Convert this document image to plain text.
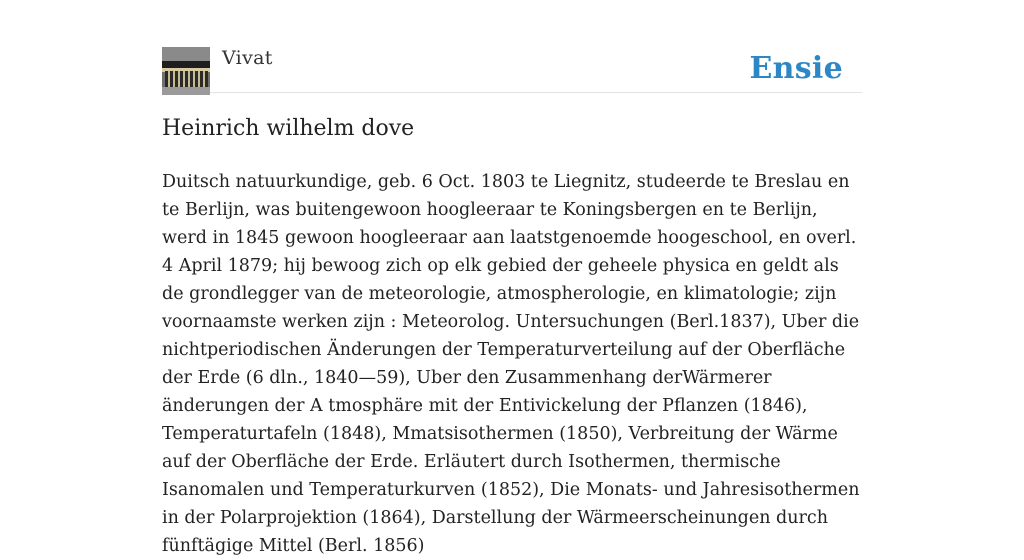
Vivat	Ensie
Heinrich wilhelm dove

Duitsch natuurkundige, geb. 6 Oct. 1803 te Liegnitz, studeerde te Breslau en te Berlijn, was buitengewoon hoogleeraar te Koningsbergen en te Berlijn, werd in 1845 gewoon hoogleeraar aan laatstgenoemde hoogeschool, en overl. 4 April 1879; hij bewoog zich op elk gebied der geheele physica en geldt als de grondlegger van de meteorologie, atmospherologie, en klimatologie; zijn voornaamste werken zijn : Meteorolog. Untersuchungen (Berl.1837), Uber die nichtperiodischen Änderungen der Temperaturverteilung auf der Oberfläche der Erde (6 dln., 1840—59), Uber den Zusammenhang derWärmerer änderungen der A tmosphäre mit der Entivickelung der Pflanzen (1846), Temperaturtafeln (1848), Mmatsisothermen (1850), Verbreitung der Wärme auf der Oberfläche der Erde. Erläutert durch Isothermen, thermische Isanomalen und Temperaturkurven (1852), Die Monats- und Jahresisothermen in der Polarprojektion (1864), Darstellung der Wärmeerscheinungen durch fünftägige Mittel (Berl. 1856)
